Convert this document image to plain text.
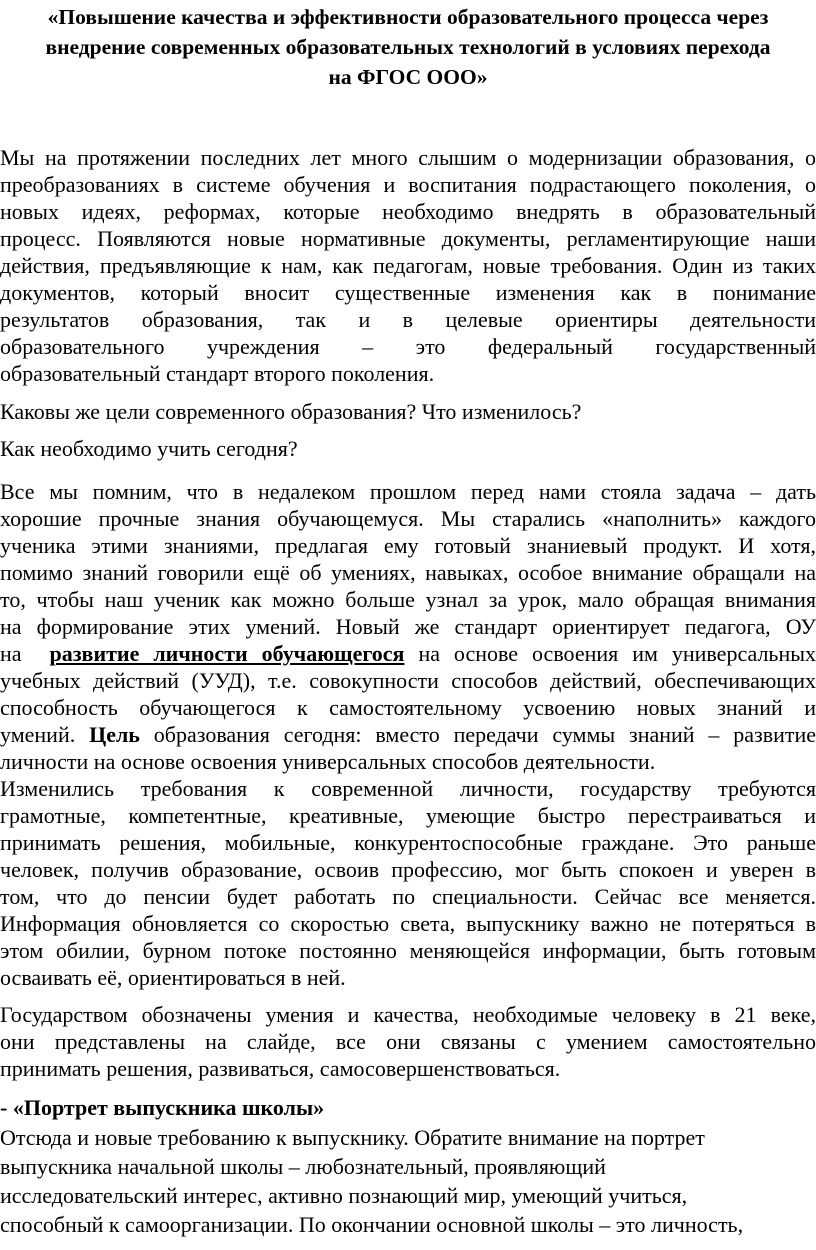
«Повышение качества и эффективности образовательного процесса через
внедрение современных образовательных технологий в условиях перехода
на ФГОС ООО»
Мы на протяжении последних лет много слышим о модернизации образования, о
преобразованиях в системе обучения и воспитания подрастающего поколения, о
новых идеях, реформах, которые необходимо внедрять в образовательный
процесс. Появляются новые нормативные документы, регламентирующие наши
действия, предъявляющие к нам, как педагогам, новые требования. Один из таких
документов, который вносит существенные изменения как в понимание
результатов образования, так и в целевые ориентиры деятельности
образовательного учреждения – это федеральный государственный
образовательный стандарт второго поколения.
Каковы же цели современного образования? Что изменилось?
Как необходимо учить сегодня?
Все мы помним, что в недалеком прошлом перед нами стояла задача – дать
хорошие прочные знания обучающемуся. Мы старались «наполнить» каждого
ученика этими знаниями, предлагая ему готовый знаниевый продукт. И хотя,
помимо знаний говорили ещё об умениях, навыках, особое внимание обращали на
то, чтобы наш ученик как можно больше узнал за урок, мало обращая внимания
на формирование этих умений. Новый же стандарт ориентирует педагога, ОУ
на развитие личности обучающегося на основе освоения им универсальных
учебных действий (УУД), т.е. совокупности способов действий, обеспечивающих
способность обучающегося к самостоятельному усвоению новых знаний и
умений. Цель образования сегодня: вместо передачи суммы знаний – развитие
личности на основе освоения универсальных способов деятельности.
Изменились требования к современной личности, государству требуются
грамотные, компетентные, креативные, умеющие быстро перестраиваться и
принимать решения, мобильные, конкурентоспособные граждане. Это раньше
человек, получив образование, освоив профессию, мог быть спокоен и уверен в
том, что до пенсии будет работать по специальности. Сейчас все меняется.
Информация обновляется со скоростью света, выпускнику важно не потеряться в
этом обилии, бурном потоке постоянно меняющейся информации, быть готовым
осваивать её, ориентироваться в ней.
Государством обозначены умения и качества, необходимые человеку в 21 веке,
они представлены на слайде, все они связаны с умением самостоятельно
принимать решения, развиваться, самосовершенствоваться.
- «Портрет выпускника школы»
Отсюда и новые требованию к выпускнику. Обратите внимание на портрет
выпускника начальной школы – любознательный, проявляющий
исследовательский интерес, активно познающий мир, умеющий учиться,
способный к самоорганизации. По окончании основной школы – это личность,
